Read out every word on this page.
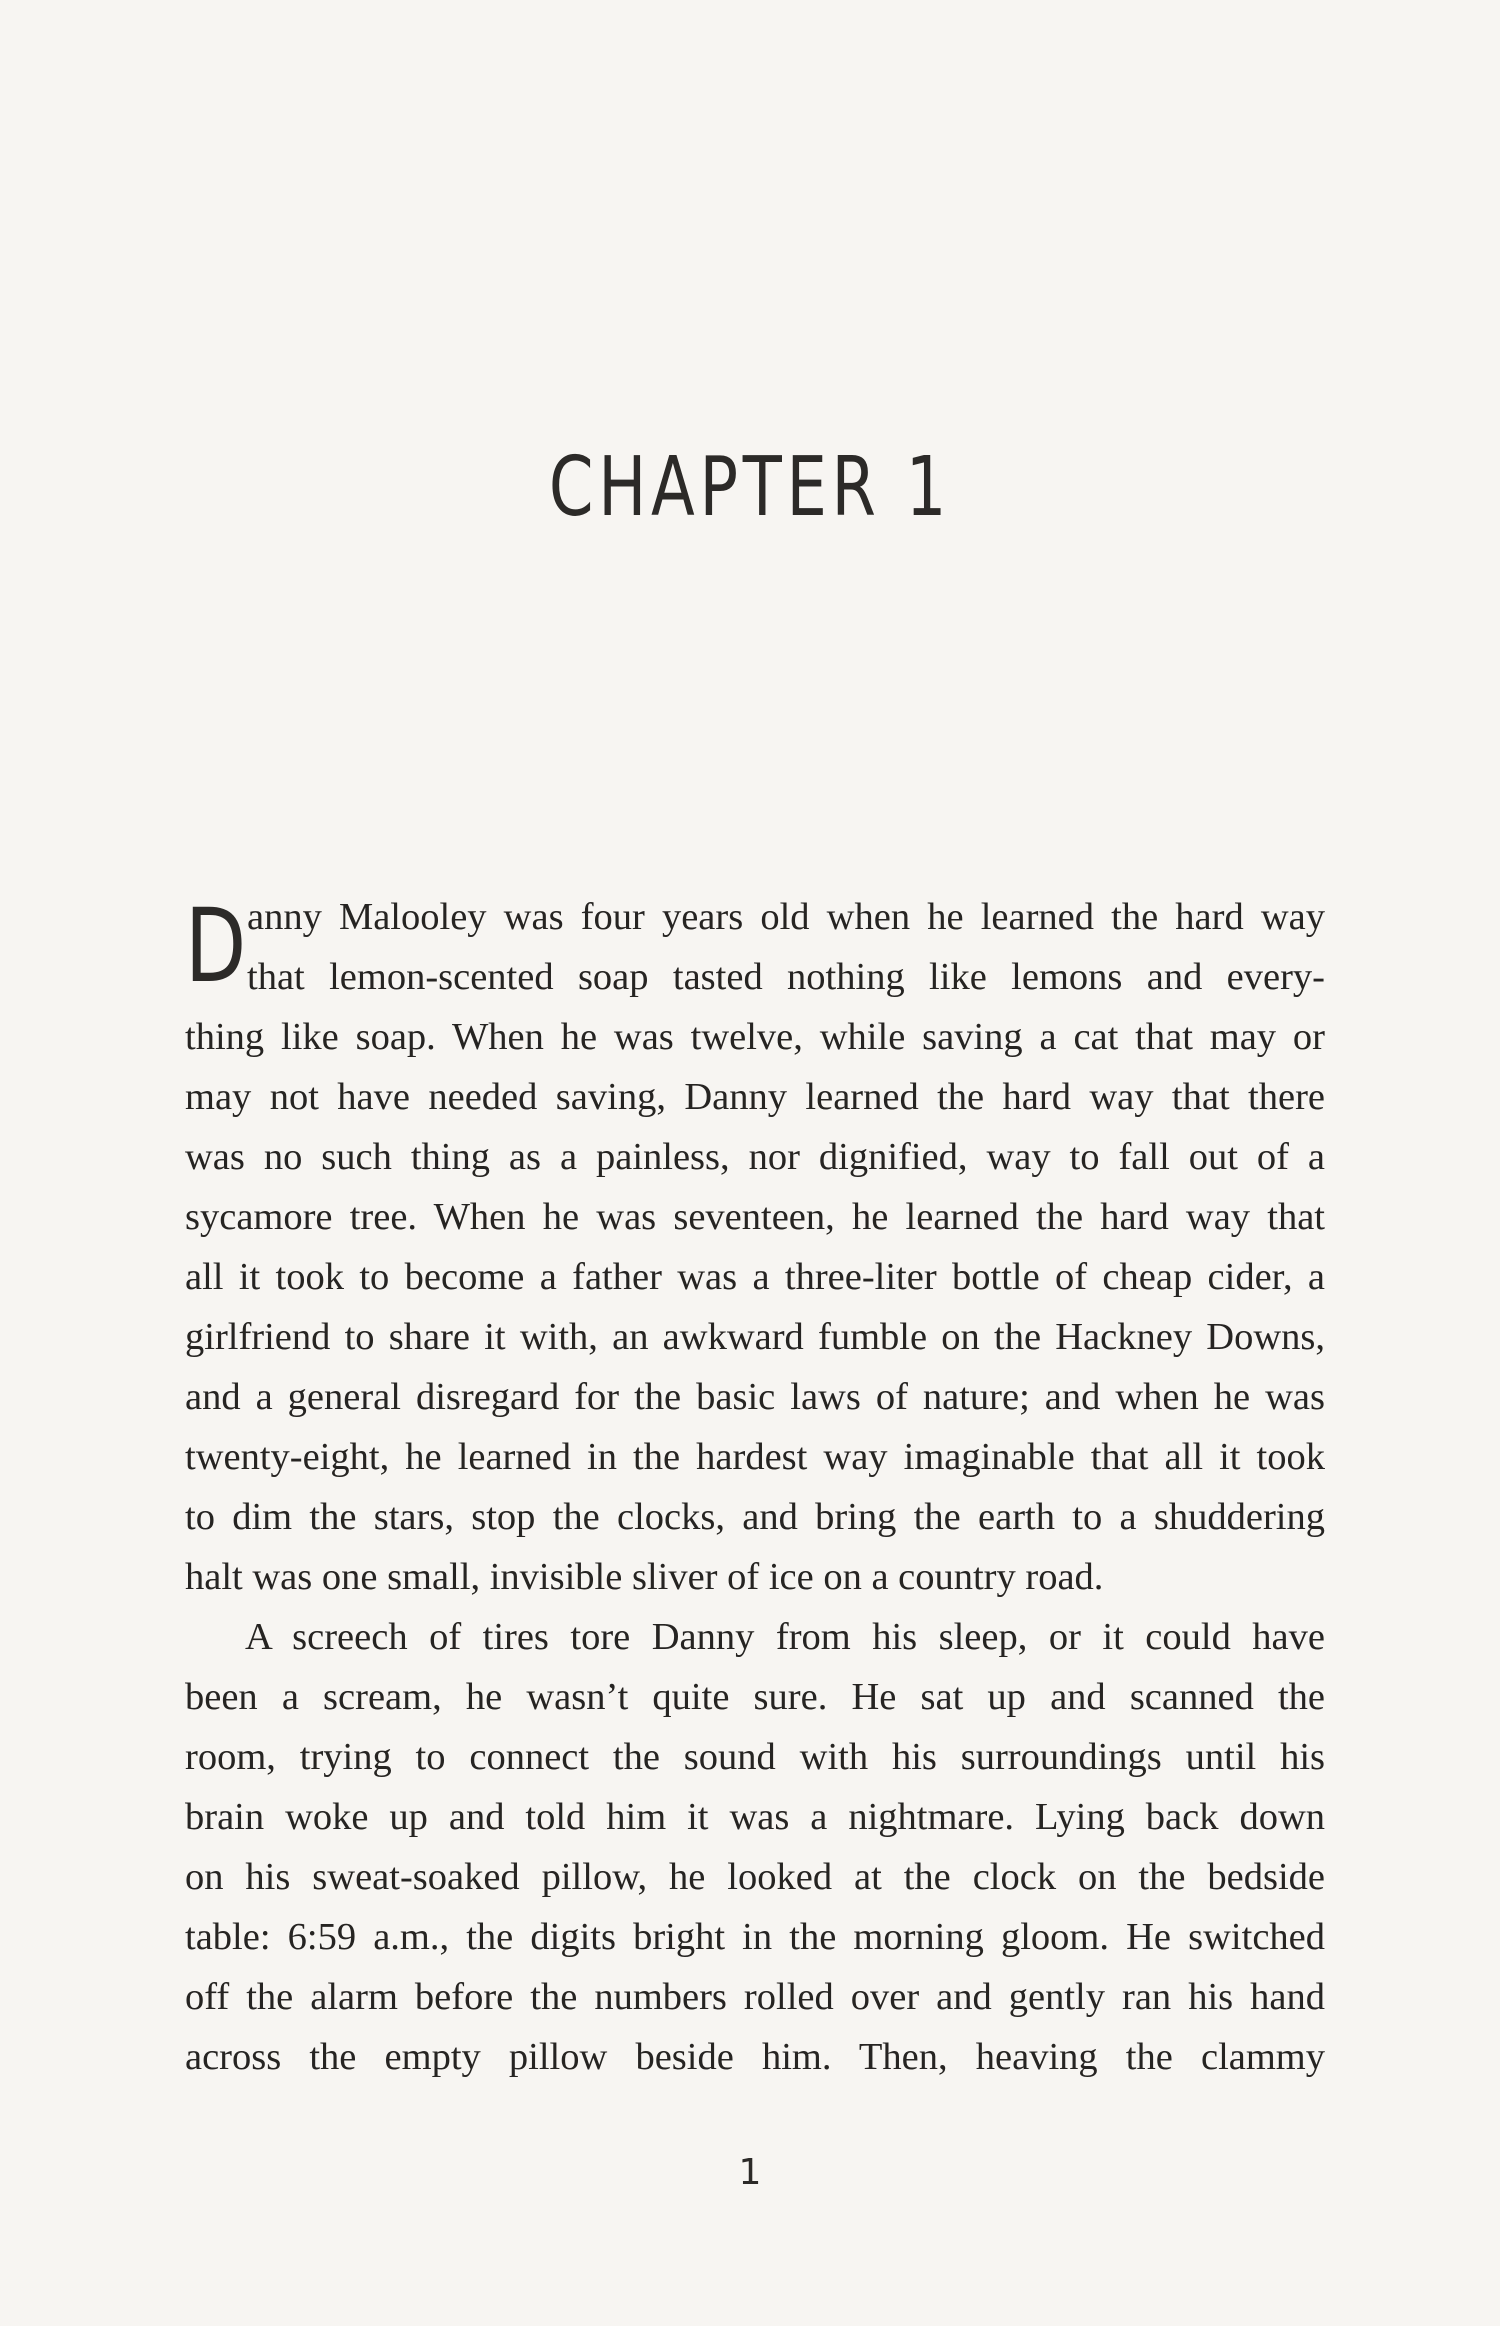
CHAPTER 1
D anny Malooley was four years old when he learned the hard way
that lemon-scented soap tasted nothing like lemons and every-
thing like soap. When he was twelve, while saving a cat that may or
may not have needed saving, Danny learned the hard way that there
was no such thing as a painless, nor dignified, way to fall out of a
sycamore tree. When he was seventeen, he learned the hard way that
all it took to become a father was a three-liter bottle of cheap cider, a
girlfriend to share it with, an awkward fumble on the Hackney Downs,
and a general disregard for the basic laws of nature; and when he was
twenty-eight, he learned in the hardest way imaginable that all it took
to dim the stars, stop the clocks, and bring the earth to a shuddering
halt was one small, invisible sliver of ice on a country road.
A screech of tires tore Danny from his sleep, or it could have
been a scream, he wasn’t quite sure. He sat up and scanned the
room, trying to connect the sound with his surroundings until his
brain woke up and told him it was a nightmare. Lying back down
on his sweat-soaked pillow, he looked at the clock on the bedside
table: 6:59 a.m., the digits bright in the morning gloom. He switched
off the alarm before the numbers rolled over and gently ran his hand
across the empty pillow beside him. Then, heaving the clammy
1
